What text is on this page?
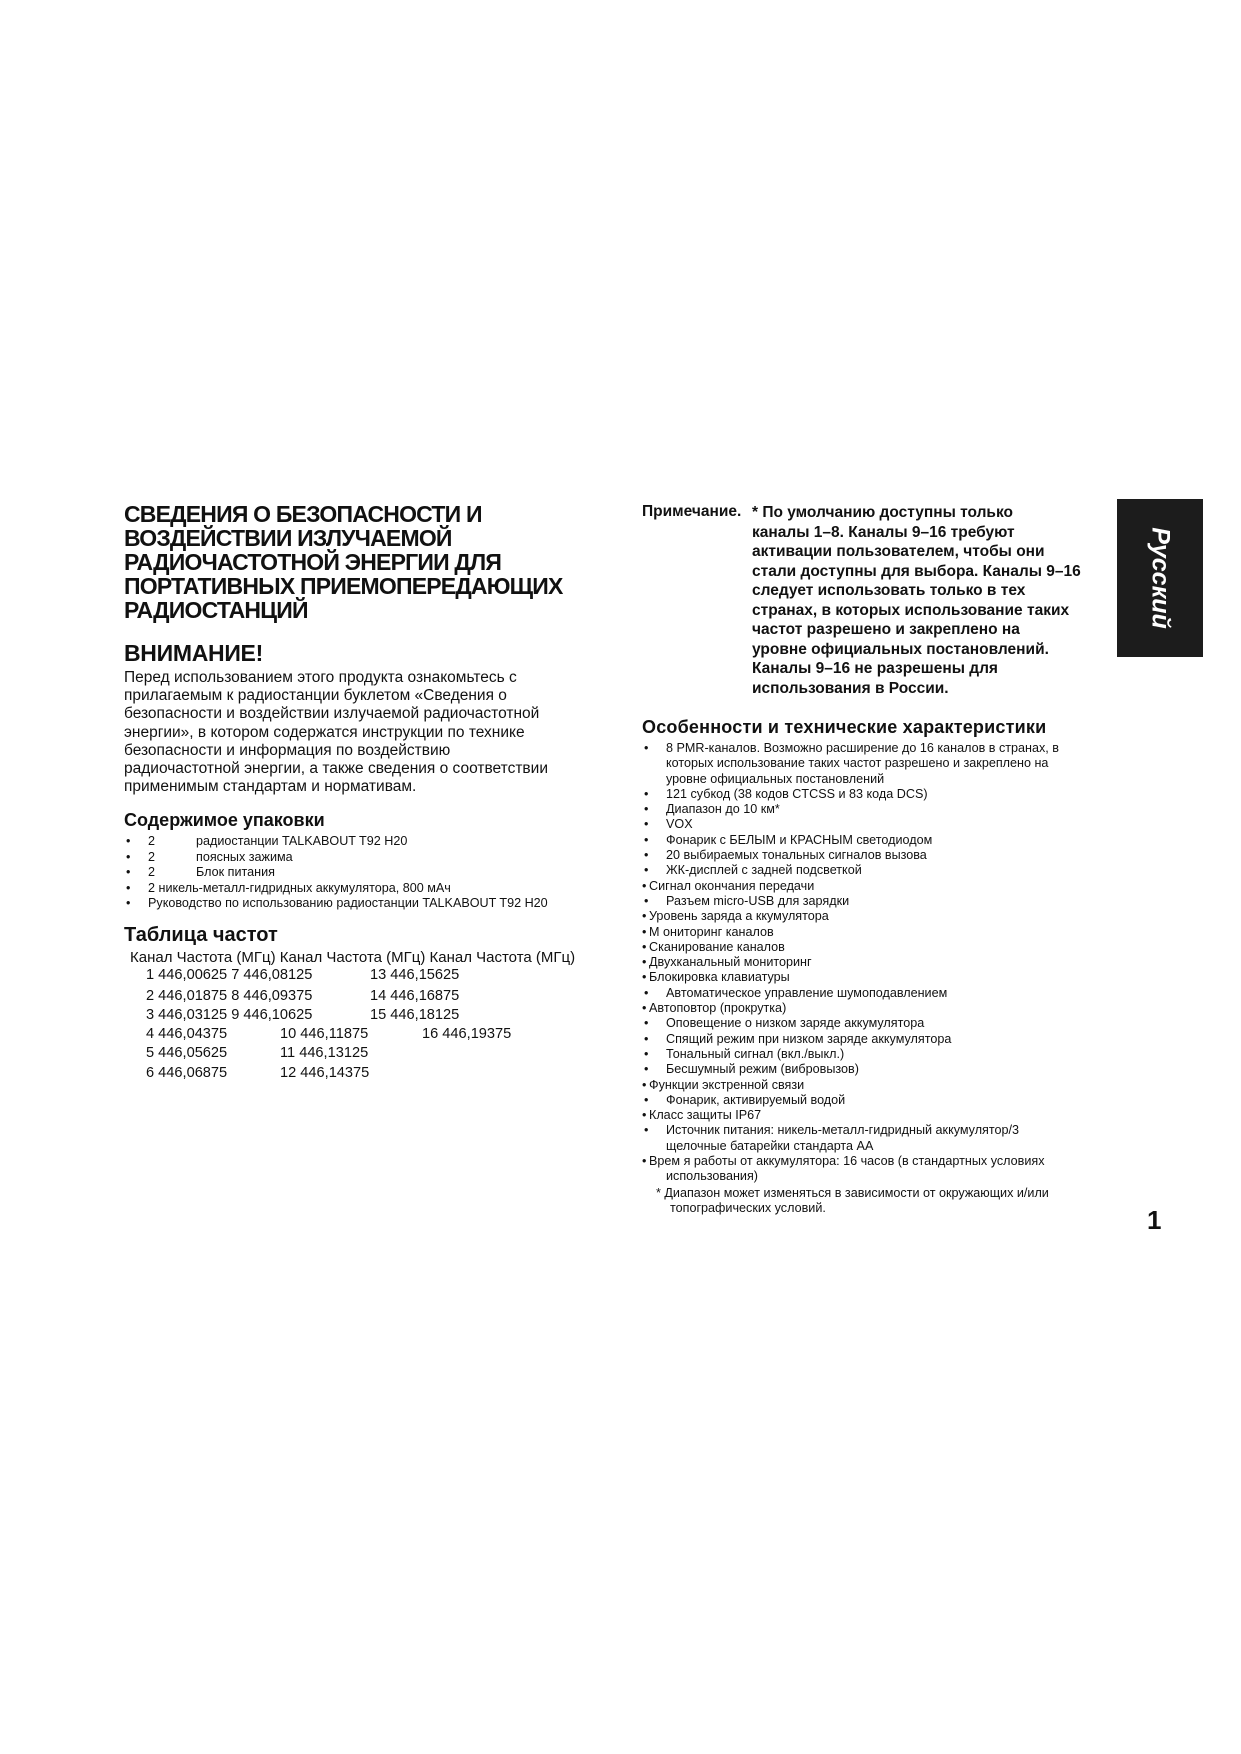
СВЕДЕНИЯ О БЕЗОПАСНОСТИ И
ВОЗДЕЙСТВИИ ИЗЛУЧАЕМОЙ
РАДИОЧАСТОТНОЙ ЭНЕРГИИ ДЛЯ
ПОРТАТИВНЫХ ПРИЕМОПЕРЕДАЮЩИХ
РАДИОСТАНЦИЙ
ВНИМАНИЕ!

Перед использованием этого продукта ознакомьтесь с
прилагаемым к радиостанции буклетом «Сведения о
безопасности и воздействии излучаемой радиочастотной
энергии», в котором содержатся инструкции по технике
безопасности и информация по воздействию
радиочастотной энергии, а также сведения о соответствии
применимым стандартам и нормативам.

Содержимое упаковки
• 2	радиостанции TALKABOUT T92 H20
• 2	поясных зажима
• 2	Блок питания
• 2 никель-металл-гидридных аккумулятора, 800 мАч
• Руководство по использованию радиостанции TALKABOUT T92 H20
Таблица частот
Канал Частота (МГц) Канал Частота (МГц) Канал Частота (МГц)
1 446,00625 7 446,08125	13 446,15625
2 446,01875 8 446,09375	14 446,16875
3 446,03125 9 446,10625	15 446,18125
4 446,04375	10 446,11875	16 446,19375
5 446,05625	11 446,13125
6 446,06875	12 446,14375
Примечание. * По умолчанию доступны только
каналы 1–8. Каналы 9–16 требуют
активации пользователем, чтобы они
стали доступны для выбора. Каналы 9–16
следует использовать только в тех
странах, в которых использование таких
частот разрешено и закреплено на
уровне официальных постановлений.
Каналы 9–16 не разрешены для
использования в России.
Особенности и технические характеристики
• 8 PMR-каналов. Возможно расширение до 16 каналов в странах, в
которых использование таких частот разрешено и закреплено на
уровне официальных постановлений
• 121 субкод (38 кодов CTCSS и 83 кода DCS)
• Диапазон до 10 км*
• VOX
• Фонарик с БЕЛЫМ и КРАСНЫМ светодиодом
• 20 выбираемых тональных сигналов вызова
• ЖК-дисплей с задней подсветкой
• Сигнал окончания передачи
• Разъем micro-USB для зарядки
• Уровень заряда а ккумулятора
• М ониторинг каналов
• Сканирование каналов
• Двухканальный мониторинг
• Блокировка клавиатуры
• Автоматическое управление шумоподавлением
• Автоповтор (прокрутка)
• Оповещение о низком заряде аккумулятора
• Спящий режим при низком заряде аккумулятора
• Тональный сигнал (вкл./выкл.)
• Бесшумный режим (вибровызов)
• Функции экстренной связи
• Фонарик, активируемый водой
• Класс защиты IP67
• Источник питания: никель-металл-гидридный аккумулятор/3
щелочные батарейки стандарта AA
• Врем я работы от аккумулятора: 16 часов (в стандартных условиях
использования)
* Диапазон может изменяться в зависимости от окружающих и/или
топографических условий.
Русский
1
